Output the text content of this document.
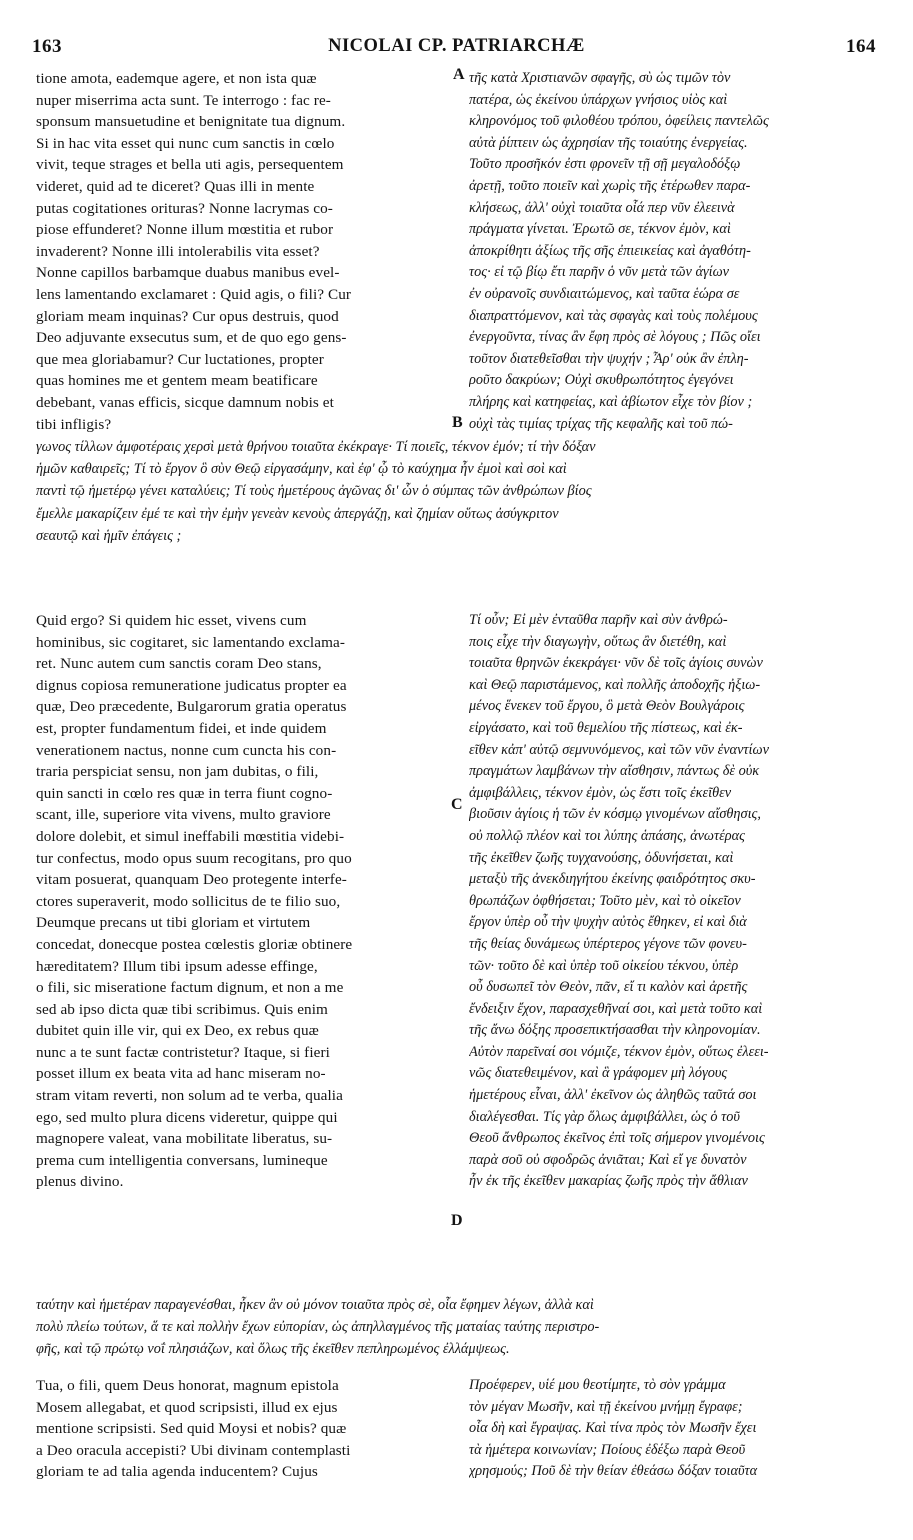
163	NICOLAI CP. PATRIARCHÆ	164
A
B
C
D
tione amota, eademque agere, et non ista quæ
nuper miserrima acta sunt. Te interrogo : fac re-
sponsum mansuetudine et benignitate tua dignum.
Si in hac vita esset qui nunc cum sanctis in cœlo
vivit, teque strages et bella uti agis, persequentem
videret, quid ad te diceret? Quas illi in mente
putas cogitationes orituras? Nonne lacrymas co-
piose effunderet? Nonne illum mœstitia et rubor
invaderent? Nonne illi intolerabilis vita esset?
Nonne capillos barbamque duabus manibus evel-
lens lamentando exclamaret : Quid agis, o fili? Cur
gloriam meam inquinas? Cur opus destruis, quod
Deo adjuvante exsecutus sum, et de quo ego gens-
que mea gloriabamur? Cur luctationes, propter
quas homines me et gentem meam beatificare
debebant, vanas efficis, sicque damnum nobis et
tibi infligis?
τῆς κατὰ Χριστιανῶν σφαγῆς, σὺ ὡς τιμῶν τὸν
πατέρα, ὡς ἐκείνου ὑπάρχων γνήσιος υἱὸς καὶ
κληρονόμος τοῦ φιλοθέου τρόπου, ὀφείλεις παντελῶς
αὐτὰ ῥίπτειν ὡς ἀχρησίαν τῆς τοιαύτης ἐνεργείας.
Τοῦτο προσῆκόν ἐστι φρονεῖν τῇ σῇ μεγαλοδόξῳ
ἀρετῇ, τοῦτο ποιεῖν καὶ χωρὶς τῆς ἑτέρωθεν παρα-
κλήσεως, ἀλλ' οὐχὶ τοιαῦτα οἷά περ νῦν ἐλεεινὰ
πράγματα γίνεται. Ἐρωτῶ σε, τέκνον ἐμὸν, καὶ
ἀποκρίθητι ἀξίως τῆς σῆς ἐπιεικείας καὶ ἀγαθότη-
τος· εἰ τῷ βίῳ ἔτι παρῆν ὁ νῦν μετὰ τῶν ἁγίων
ἐν οὐρανοῖς συνδιαιτώμενος, καὶ ταῦτα ἑώρα σε
διαπραττόμενον, καὶ τὰς σφαγὰς καὶ τοὺς πολέμους
ἐνεργοῦντα, τίνας ἂν ἔφη πρὸς σὲ λόγους ; Πῶς οἴει
τοῦτον διατεθεῖσθαι τὴν ψυχήν ; Ἆρ' οὐκ ἂν ἐπλη-
ροῦτο δακρύων; Οὐχὶ σκυθρωπότητος ἐγεγόνει
πλήρης καὶ κατηφείας, καὶ ἀβίωτον εἶχε τὸν βίον ;
οὐχὶ τὰς τιμίας τρίχας τῆς κεφαλῆς καὶ τοῦ πώ-
γωνος τίλλων ἀμφοτέραις χερσὶ μετὰ θρήνου τοιαῦτα ἐκέκραγε· Τί ποιεῖς, τέκνον ἐμόν; τί τὴν δόξαν
ἡμῶν καθαιρεῖς; Τί τὸ ἔργον ὃ σὺν Θεῷ εἰργασάμην, καὶ ἐφ' ᾧ τὸ καύχημα ἦν ἐμοὶ καὶ σοὶ καὶ
παντὶ τῷ ἡμετέρῳ γένει καταλύεις; Τί τοὺς ἡμετέρους ἀγῶνας δι' ὧν ὁ σύμπας τῶν ἀνθρώπων βίος
ἔμελλε μακαρίζειν ἐμέ τε καὶ τὴν ἐμὴν γενεὰν κενοὺς ἀπεργάζῃ, καὶ ζημίαν οὕτως ἀσύγκριτον
σεαυτῷ καὶ ἡμῖν ἐπάγεις ;
Quid ergo? Si quidem hic esset, vivens cum
hominibus, sic cogitaret, sic lamentando exclama-
ret. Nunc autem cum sanctis coram Deo stans,
dignus copiosa remuneratione judicatus propter ea
quæ, Deo præcedente, Bulgarorum gratia operatus
est, propter fundamentum fidei, et inde quidem
venerationem nactus, nonne cum cuncta his con-
traria perspiciat sensu, non jam dubitas, o fili,
quin sancti in cœlo res quæ in terra fiunt cogno-
scant, ille, superiore vita vivens, multo graviore
dolore dolebit, et simul ineffabili mœstitia videbi-
tur confectus, modo opus suum recogitans, pro quo
vitam posuerat, quanquam Deo protegente interfe-
ctores superaverit, modo sollicitus de te filio suo,
Deumque precans ut tibi gloriam et virtutem
concedat, donecque postea cœlestis gloriæ obtinere
hæreditatem? Illum tibi ipsum adesse effinge,
o fili, sic miseratione factum dignum, et non a me
sed ab ipso dicta quæ tibi scribimus. Quis enim
dubitet quin ille vir, qui ex Deo, ex rebus quæ
nunc a te sunt factæ contristetur? Itaque, si fieri
posset illum ex beata vita ad hanc miseram no-
stram vitam reverti, non solum ad te verba, qualia
ego, sed multo plura dicens videretur, quippe qui
magnopere valeat, vana mobilitate liberatus, su-
prema cum intelligentia conversans, lumineque
plenus divino.
Τί οὖν; Εἰ μὲν ἐνταῦθα παρῆν καὶ σὺν ἀνθρώ-
ποις εἶχε τὴν διαγωγὴν, οὕτως ἂν διετέθη, καὶ
τοιαῦτα θρηνῶν ἐκεκράγει· νῦν δὲ τοῖς ἁγίοις συνὼν
καὶ Θεῷ παριστάμενος, καὶ πολλῆς ἀποδοχῆς ἠξιω-
μένος ἕνεκεν τοῦ ἔργου, ὃ μετὰ Θεὸν Βουλγάροις
εἰργάσατο, καὶ τοῦ θεμελίου τῆς πίστεως, καὶ ἐκ-
εῖθεν κἀπ' αὐτῷ σεμνυνόμενος, καὶ τῶν νῦν ἐναντίων
πραγμάτων λαμβάνων τὴν αἴσθησιν, πάντως δὲ οὐκ
ἀμφιβάλλεις, τέκνον ἐμὸν, ὡς ἔστι τοῖς ἐκεῖθεν
βιοῦσιν ἁγίοις ἡ τῶν ἐν κόσμῳ γινομένων αἴσθησις,
οὐ πολλῷ πλέον καὶ τοι λύπης ἁπάσης, ἀνωτέρας
τῆς ἐκεῖθεν ζωῆς τυγχανούσης, ὀδυνήσεται, καὶ
μεταξὺ τῆς ἀνεκδιηγήτου ἐκείνης φαιδρότητος σκυ-
θρωπάζων ὀφθήσεται; Τοῦτο μὲν, καὶ τὸ οἰκεῖον
ἔργον ὑπὲρ οὗ τὴν ψυχὴν αὐτὸς ἔθηκεν, εἰ καὶ διὰ
τῆς θείας δυνάμεως ὑπέρτερος γέγονε τῶν φονευ-
τῶν· τοῦτο δὲ καὶ ὑπὲρ τοῦ οἰκείου τέκνου, ὑπὲρ
οὗ δυσωπεῖ τὸν Θεὸν, πᾶν, εἴ τι καλὸν καὶ ἀρετῆς
ἔνδειξιν ἔχον, παρασχεθῆναί σοι, καὶ μετὰ τοῦτο καὶ
τῆς ἄνω δόξης προσεπικτήσασθαι τὴν κληρονομίαν.
Αὐτὸν παρεῖναί σοι νόμιζε, τέκνον ἐμὸν, οὕτως ἐλεει-
νῶς διατεθειμένον, καὶ ἃ γράφομεν μὴ λόγους
ἡμετέρους εἶναι, ἀλλ' ἐκεῖνον ὡς ἀληθῶς ταῦτά σοι
διαλέγεσθαι. Τίς γὰρ ὅλως ἀμφιβάλλει, ὡς ὁ τοῦ
Θεοῦ ἄνθρωπος ἐκεῖνος ἐπὶ τοῖς σήμερον γινομένοις
παρὰ σοῦ οὐ σφοδρῶς ἀνιᾶται; Καὶ εἴ γε δυνατὸν
ἦν ἐκ τῆς ἐκεῖθεν μακαρίας ζωῆς πρὸς τὴν ἄθλιαν
ταύτην καὶ ἡμετέραν παραγενέσθαι, ἦκεν ἂν οὐ μόνον τοιαῦτα πρὸς σὲ, οἷα ἔφημεν λέγων, ἀλλὰ καὶ
πολὺ πλείω τούτων, ἅ τε καὶ πολλὴν ἔχων εὐπορίαν, ὡς ἀπηλλαγμένος τῆς ματαίας ταύτης περιστρο-
φῆς, καὶ τῷ πρώτῳ νοΐ πλησιάζων, καὶ ὅλως τῆς ἐκεῖθεν πεπληρωμένος ἐλλάμψεως.
Tua, o fili, quem Deus honorat, magnum epistola
Mosem allegabat, et quod scripsisti, illud ex ejus
mentione scripsisti. Sed quid Moysi et nobis? quæ
a Deo oracula accepisti? Ubi divinam contemplasti
gloriam te ad talia agenda inducentem? Cujus
Προέφερεν, υἱέ μου θεοτίμητε, τὸ σὸν γράμμα
τὸν μέγαν Μωσῆν, καὶ τῇ ἐκείνου μνήμῃ ἔγραφε;
οἷα δὴ καὶ ἔγραψας. Καὶ τίνα πρὸς τὸν Μωσῆν ἔχει
τὰ ἡμέτερα κοινωνίαν; Ποίους ἐδέξω παρὰ Θεοῦ
χρησμούς; Ποῦ δὲ τὴν θείαν ἐθεάσω δόξαν τοιαῦτα
